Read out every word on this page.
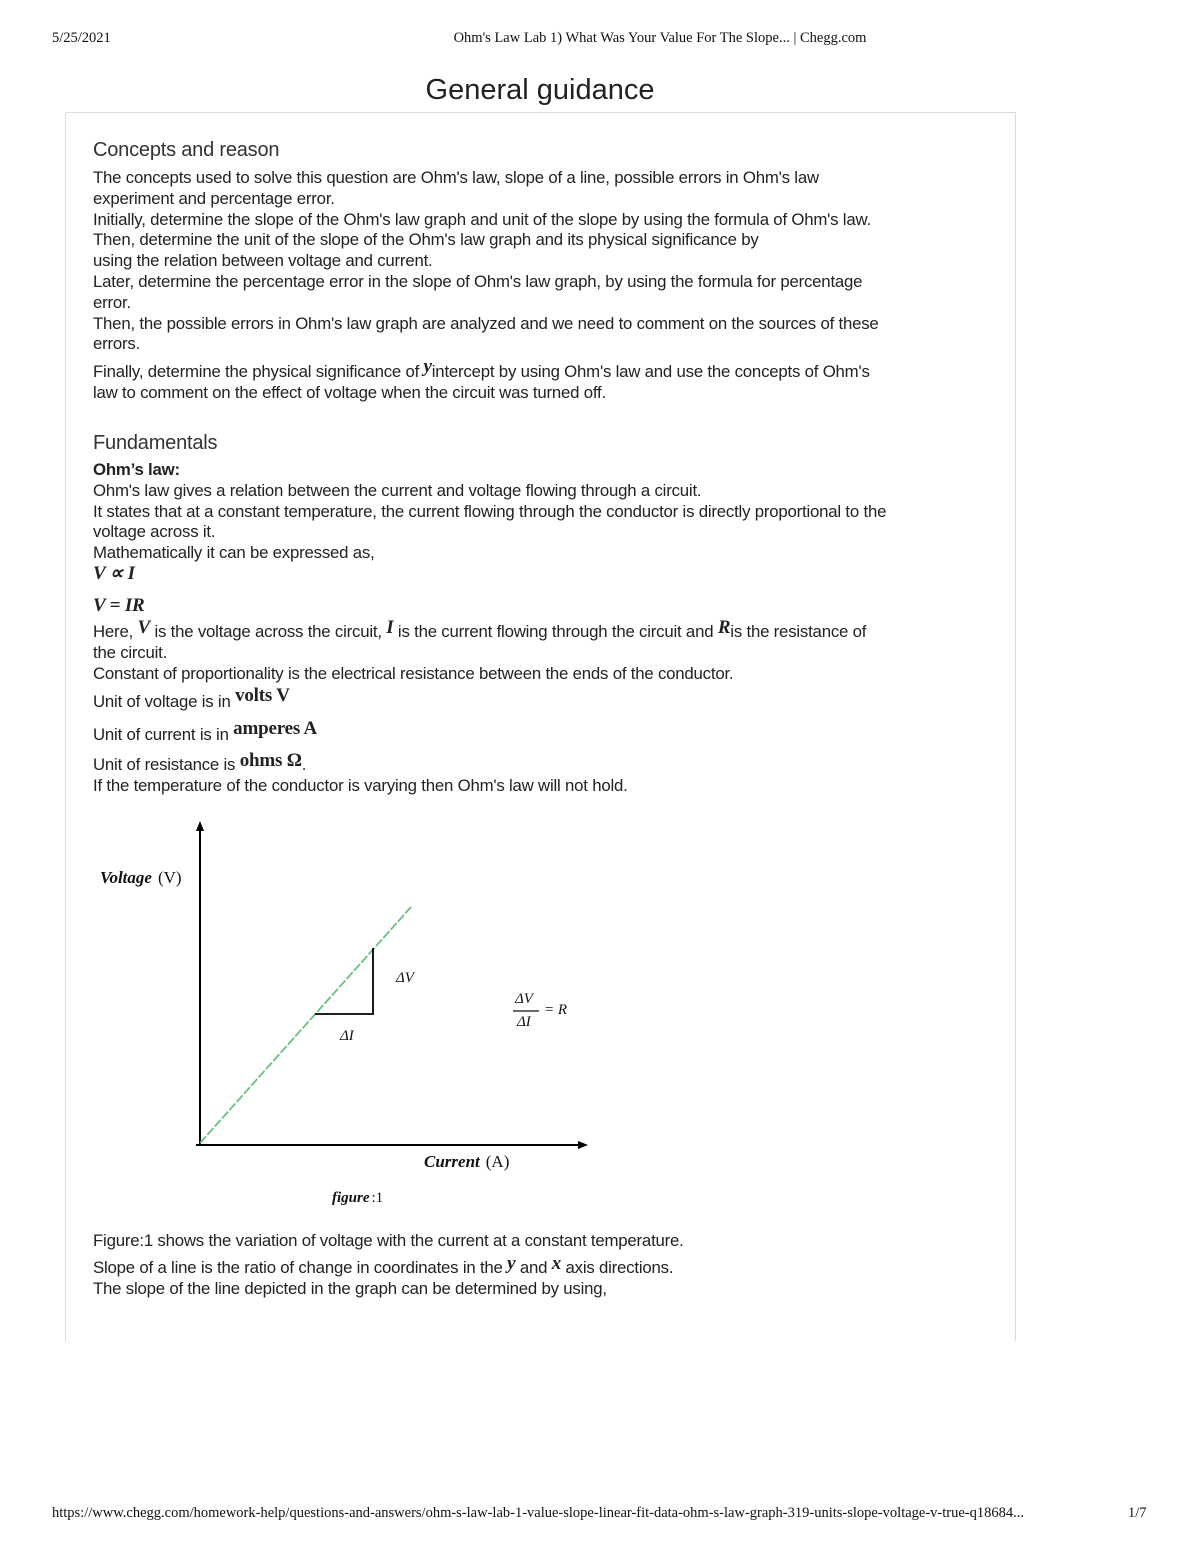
5/25/2021	Ohm's Law Lab 1) What Was Your Value For The Slope... | Chegg.com
General guidance

Concepts and reason

The concepts used to solve this question are Ohm's law, slope of a line, possible errors in Ohm's law

experiment and percentage error.

Initially, determine the slope of the Ohm's law graph and unit of the slope by using the formula of Ohm's law.

Then, determine the unit of the slope of the Ohm's law graph and its physical significance by

using the relation between voltage and current.

Later, determine the percentage error in the slope of Ohm's law graph, by using the formula for percentage

error.

Then, the possible errors in Ohm's law graph are analyzed and we need to comment on the sources of these

errors.

Finally, determine the physical significance of yintercept by using Ohm's law and use the concepts of Ohm's

law to comment on the effect of voltage when the circuit was turned off.

Fundamentals

Ohm’s law:

Ohm's law gives a relation between the current and voltage flowing through a circuit.

It states that at a constant temperature, the current flowing through the conductor is directly proportional to the

voltage across it.

Mathematically it can be expressed as,

V ∝ I

V = IR

Here, V is the voltage across the circuit, I is the current flowing through the circuit and Ris the resistance of

the circuit.

Constant of proportionality is the electrical resistance between the ends of the conductor.

Unit of voltage is in volts V

Unit of current is in amperes A

Unit of resistance is ohms Ω.

If the temperature of the conductor is varying then Ohm's law will not hold.

Voltage (V)
Current (A)
ΔV
ΔI
ΔV
ΔI
= R
figure :1

Figure:1 shows the variation of voltage with the current at a constant temperature.

Slope of a line is the ratio of change in coordinates in the y and x axis directions.

The slope of the line depicted in the graph can be determined by using,

https://www.chegg.com/homework-help/questions-and-answers/ohm-s-law-lab-1-value-slope-linear-fit-data-ohm-s-law-graph-319-units-slope-voltage-v-true-q18684...	1/7
